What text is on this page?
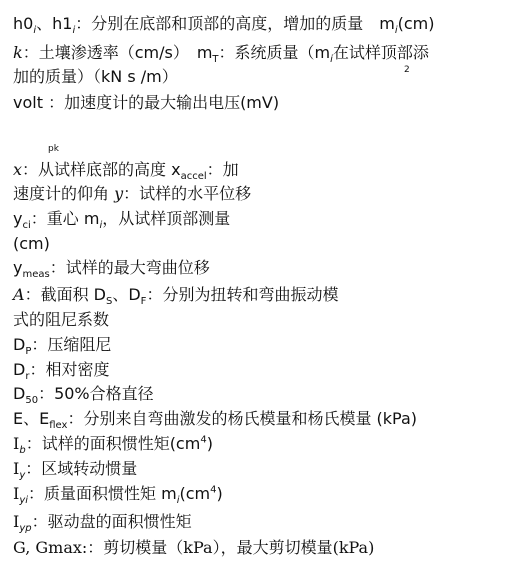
$h0_i$、$h1_i$：分别在底部和顶部的高度，增加的质量　$m_i(cm)$
k：土壤渗透率（cm/s）　$m_T$：系统质量（$m_i$在试样顶部添
加的质量）（kN s /m）	2
volt ：加速度计的最大输出电压(mV)
pk
x：从试样底部的高度 $x_{accel}$：加
速度计的仰角 y：试样的水平位移
$y_{ci}$：重心 $m_i$，从试样顶部测量
(cm)
$y_{meas}$：试样的最大弯曲位移
A：截面积 $D_S$、$D_F$：分别为扭转和弯曲振动模
式的阻尼系数
$D_P$：压缩阻尼
$D_r$：相对密度
$D_{50}$：50%合格直径
E、$E_{flex}$：分别来自弯曲激发的杨氏模量和杨氏模量 (kPa)
$I_b$：试样的面积惯性矩$(cm^4)$
$I_y$：区域转动惯量
$I_{yi}$：质量面积惯性矩 $m_i(cm^4)$
$I_{yp}$：驱动盘的面积惯性矩
G, Gmax:：剪切模量（kPa），最大剪切模量(kPa)
